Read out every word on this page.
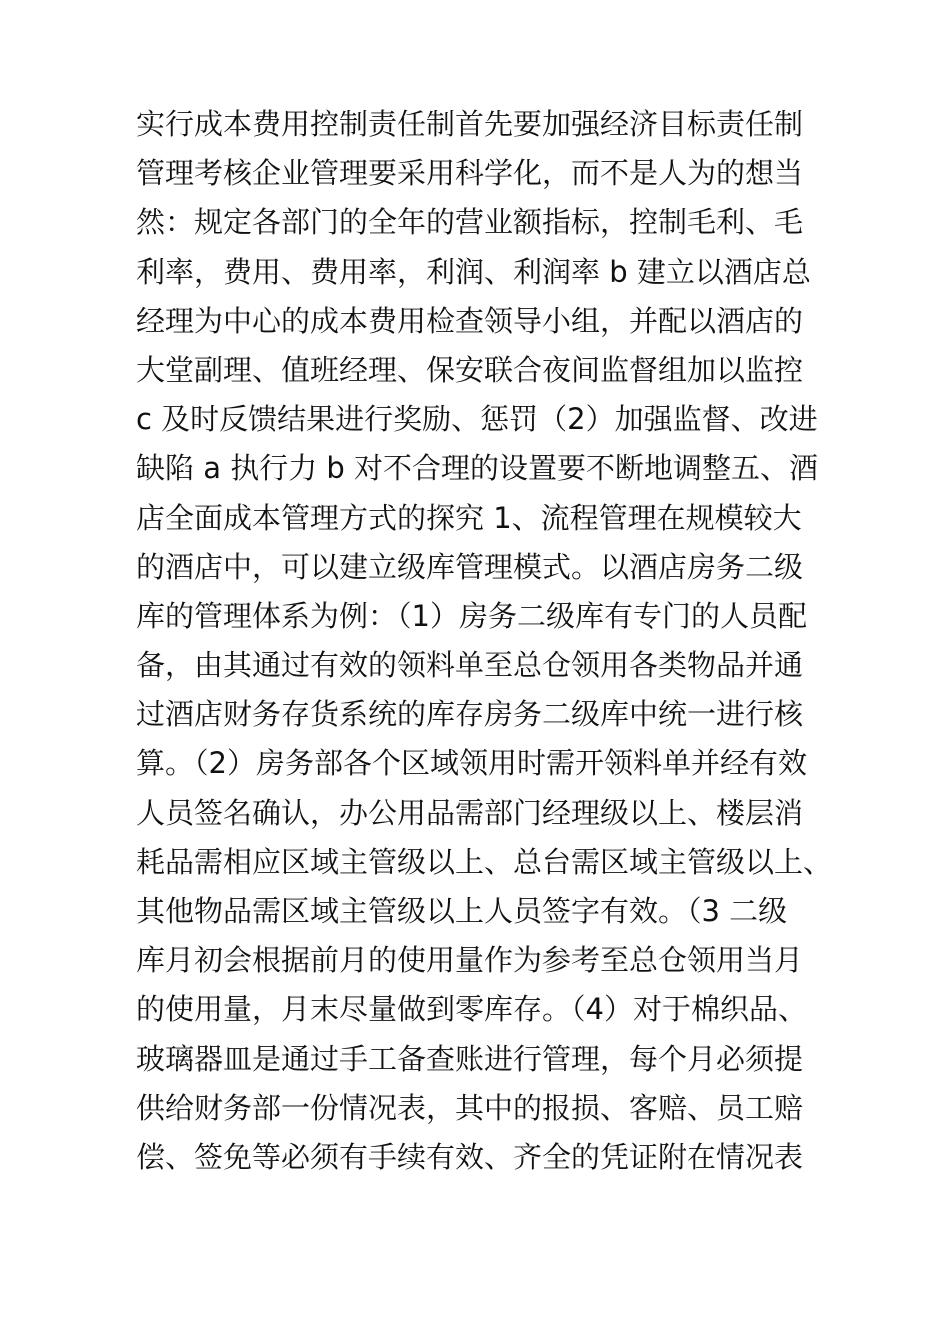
实行成本费用控制责任制首先要加强经济目标责任制
管理考核企业管理要采用科学化，而不是人为的想当
然：规定各部门的全年的营业额指标，控制毛利、毛
利率，费用、费用率，利润、利润率 b 建立以酒店总
经理为中心的成本费用检查领导小组，并配以酒店的
大堂副理、值班经理、保安联合夜间监督组加以监控
c 及时反馈结果进行奖励、惩罚（2）加强监督、改进
缺陷 a 执行力 b 对不合理的设置要不断地调整五、酒
店全面成本管理方式的探究 1、流程管理在规模较大
的酒店中，可以建立级库管理模式。以酒店房务二级
库的管理体系为例：（1）房务二级库有专门的人员配
备，由其通过有效的领料单至总仓领用各类物品并通
过酒店财务存货系统的库存房务二级库中统一进行核
算。（2）房务部各个区域领用时需开领料单并经有效
人员签名确认，办公用品需部门经理级以上、楼层消
耗品需相应区域主管级以上、总台需区域主管级以上、
其他物品需区域主管级以上人员签字有效。（3 二级
库月初会根据前月的使用量作为参考至总仓领用当月
的使用量，月末尽量做到零库存。（4）对于棉织品、
玻璃器皿是通过手工备查账进行管理，每个月必须提
供给财务部一份情况表，其中的报损、客赔、员工赔
偿、签免等必须有手续有效、齐全的凭证附在情况表
